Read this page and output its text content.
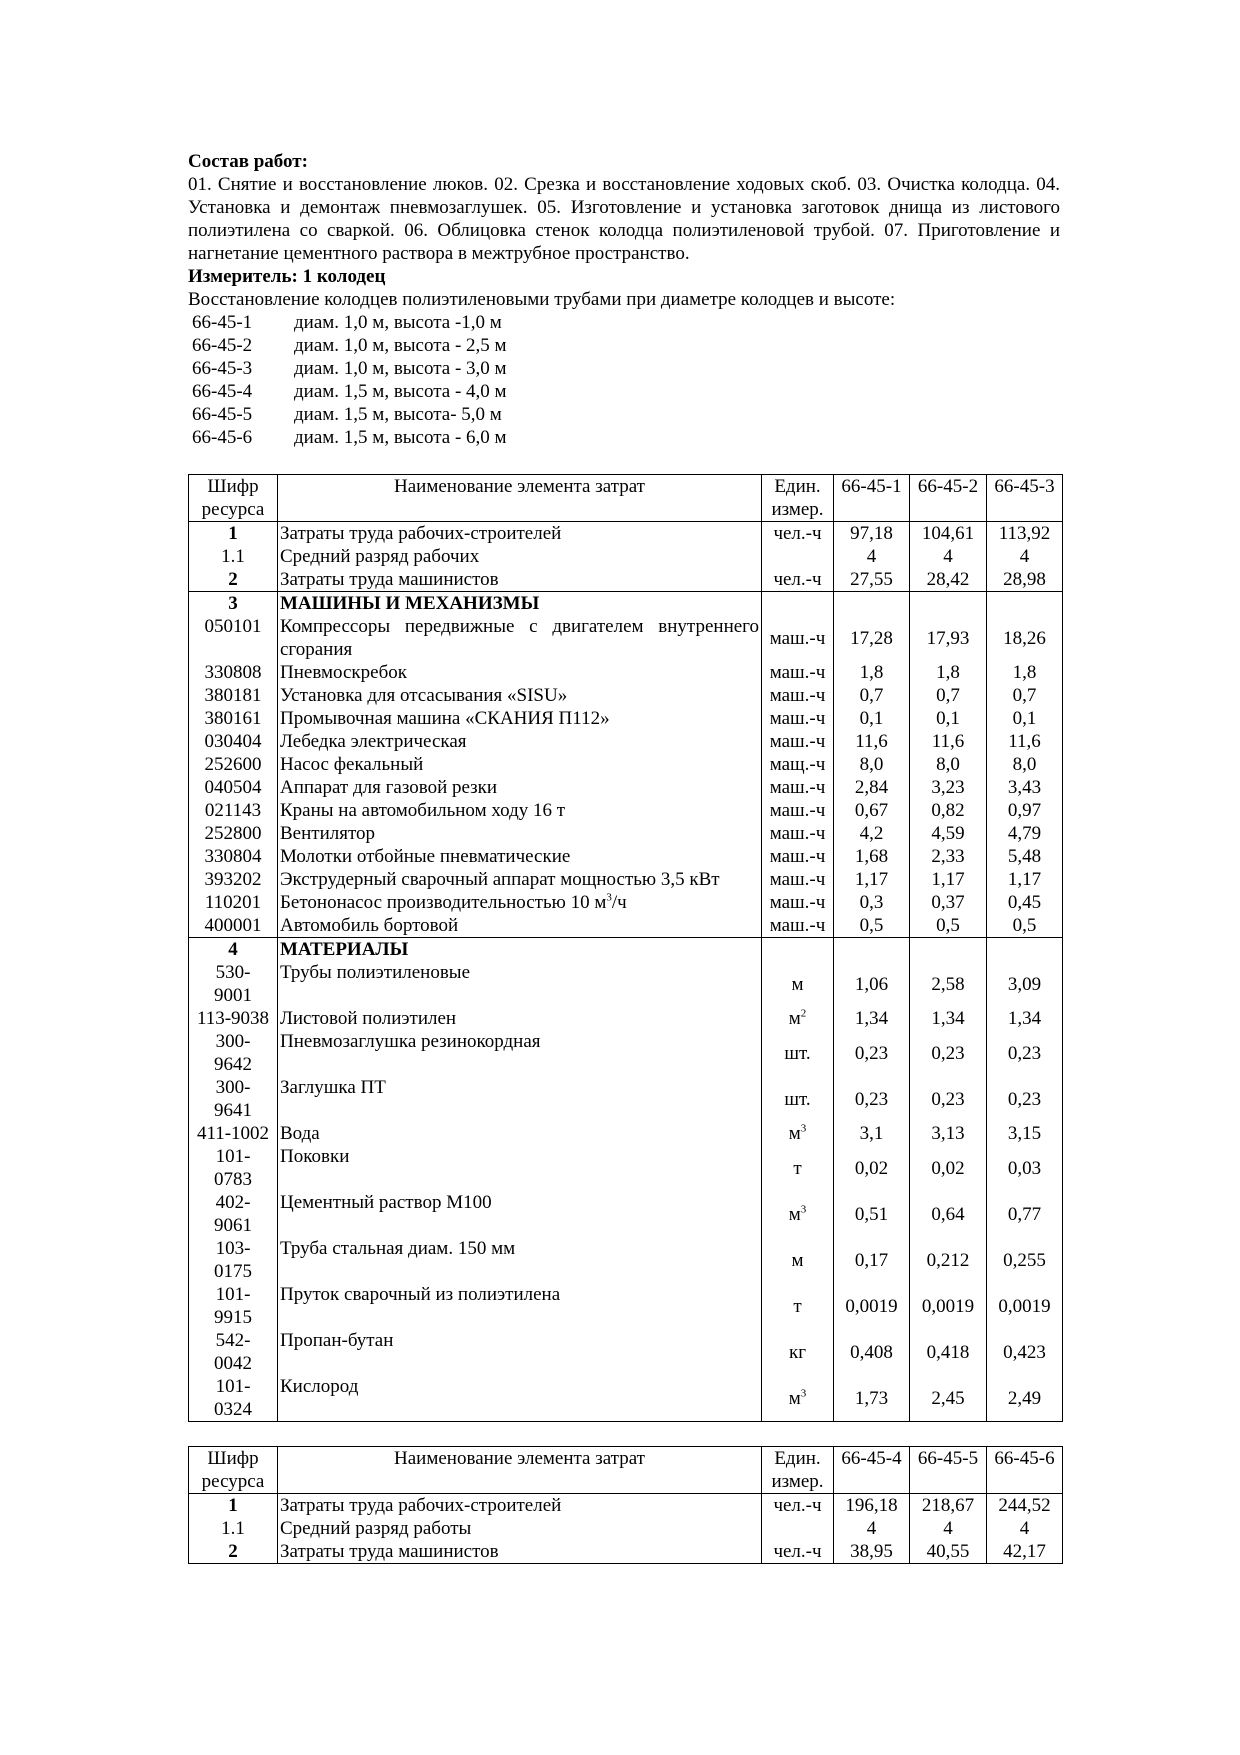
Состав работ:
01. Снятие и восстановление люков. 02. Срезка и восстановление ходовых скоб. 03. Очистка колодца. 04. Установка и демонтаж пневмозаглушек. 05. Изготовление и установка заготовок днища из листового полиэтилена со сваркой. 06. Облицовка стенок колодца полиэтиленовой трубой. 07. Приготовление и нагнетание цементного раствора в межтрубное пространство.
Измеритель: 1 колодец
Восстановление колодцев полиэтиленовыми трубами при диаметре колодцев и высоте:
66-45-1	диам. 1,0 м, высота -1,0 м
66-45-2	диам. 1,0 м, высота - 2,5 м
66-45-3	диам. 1,0 м, высота - 3,0 м
66-45-4	диам. 1,5 м, высота - 4,0 м
66-45-5	диам. 1,5 м, высота- 5,0 м
66-45-6	диам. 1,5 м, высота - 6,0 м
Шифр ресурса	Наименование элемента затрат	Един. измер.	66-45-1	66-45-2	66-45-3
1	Затраты труда рабочих-строителей	чел.-ч	97,18	104,61	113,92
1.1	Средний разряд рабочих		4	4	4
2	Затраты труда машинистов	чел.-ч	27,55	28,42	28,98
3	МАШИНЫ И МЕХАНИЗМЫ				
050101	Компрессоры передвижные с двигателем внутреннего сгорания	маш.-ч	17,28	17,93	18,26
330808	Пневмоскребок	маш.-ч	1,8	1,8	1,8
380181	Установка для отсасывания «SISU»	маш.-ч	0,7	0,7	0,7
380161	Промывочная машина «СКАНИЯ П112»	маш.-ч	0,1	0,1	0,1
030404	Лебедка электрическая	маш.-ч	11,6	11,6	11,6
252600	Насос фекальный	мащ.-ч	8,0	8,0	8,0
040504	Аппарат для газовой резки	маш.-ч	2,84	3,23	3,43
021143	Краны на автомобильном ходу 16 т	маш.-ч	0,67	0,82	0,97
252800	Вентилятор	маш.-ч	4,2	4,59	4,79
330804	Молотки отбойные пневматические	маш.-ч	1,68	2,33	5,48
393202	Экструдерный сварочный аппарат мощностью 3,5 кВт	маш.-ч	1,17	1,17	1,17
110201	Бетононасос производительностью 10 $м^3/ч$	маш.-ч	0,3	0,37	0,45
400001	Автомобиль бортовой	маш.-ч	0,5	0,5	0,5
4	МАТЕРИАЛЫ				
530-
9001	Трубы полиэтиленовые	м	1,06	2,58	3,09
113-9038	Листовой полиэтилен	$м^2$	1,34	1,34	1,34
300-
9642	Пневмозаглушка резинокордная	шт.	0,23	0,23	0,23
300-
9641	Заглушка ПТ	шт.	0,23	0,23	0,23
411-1002	Вода	$м^3$	3,1	3,13	3,15
101-
0783	Поковки	т	0,02	0,02	0,03
402-
9061	Цементный раствор М100	$м^3$	0,51	0,64	0,77
103-
0175	Труба стальная диам. 150 мм	м	0,17	0,212	0,255
101-
9915	Пруток сварочный из полиэтилена	т	0,0019	0,0019	0,0019
542-
0042	Пропан-бутан	кг	0,408	0,418	0,423
101-
0324	Кислород	$м^3$	1,73	2,45	2,49
Шифр ресурса	Наименование элемента затрат	Един. измер.	66-45-4	66-45-5	66-45-6
1	Затраты труда рабочих-строителей	чел.-ч	196,18	218,67	244,52
1.1	Средний разряд работы		4	4	4
2	Затраты труда машинистов	чел.-ч	38,95	40,55	42,17
